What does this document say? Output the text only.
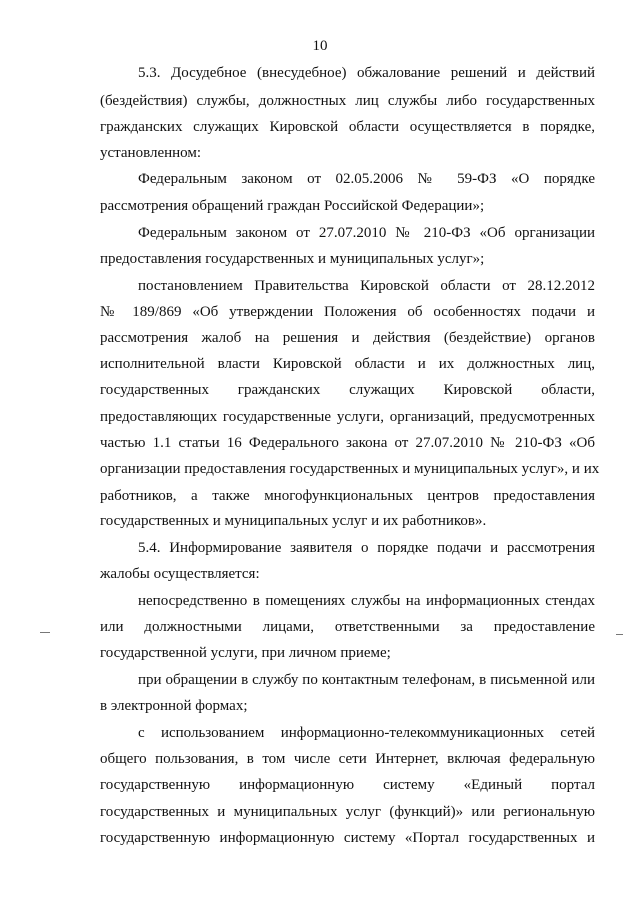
10
5.3. Досудебное (внесудебное) обжалование решений и действий
(бездействия) службы, должностных лиц службы либо государственных
гражданских служащих Кировской области осуществляется в порядке,
установленном:
Федеральным законом от 02.05.2006 № 59-ФЗ «О порядке
рассмотрения обращений граждан Российской Федерации»;
Федеральным законом от 27.07.2010 № 210-ФЗ «Об организации
предоставления государственных и муниципальных услуг»;
постановлением Правительства Кировской области от 28.12.2012
№ 189/869 «Об утверждении Положения об особенностях подачи и
рассмотрения жалоб на решения и действия (бездействие) органов
исполнительной власти Кировской области и их должностных лиц,
государственных гражданских служащих Кировской области,
предоставляющих государственные услуги, организаций, предусмотренных
частью 1.1 статьи 16 Федерального закона от 27.07.2010 № 210-ФЗ «Об
организации предоставления государственных и муниципальных услуг», и их
работников, а также многофункциональных центров предоставления
государственных и муниципальных услуг и их работников».
5.4. Информирование заявителя о порядке подачи и рассмотрения
жалобы осуществляется:
непосредственно в помещениях службы на информационных стендах
или должностными лицами, ответственными за предоставление
государственной услуги, при личном приеме;
при обращении в службу по контактным телефонам, в письменной или
в электронной формах;
с использованием информационно-телекоммуникационных сетей
общего пользования, в том числе сети Интернет, включая федеральную
государственную информационную систему «Единый портал
государственных и муниципальных услуг (функций)» или региональную
государственную информационную систему «Портал государственных и
